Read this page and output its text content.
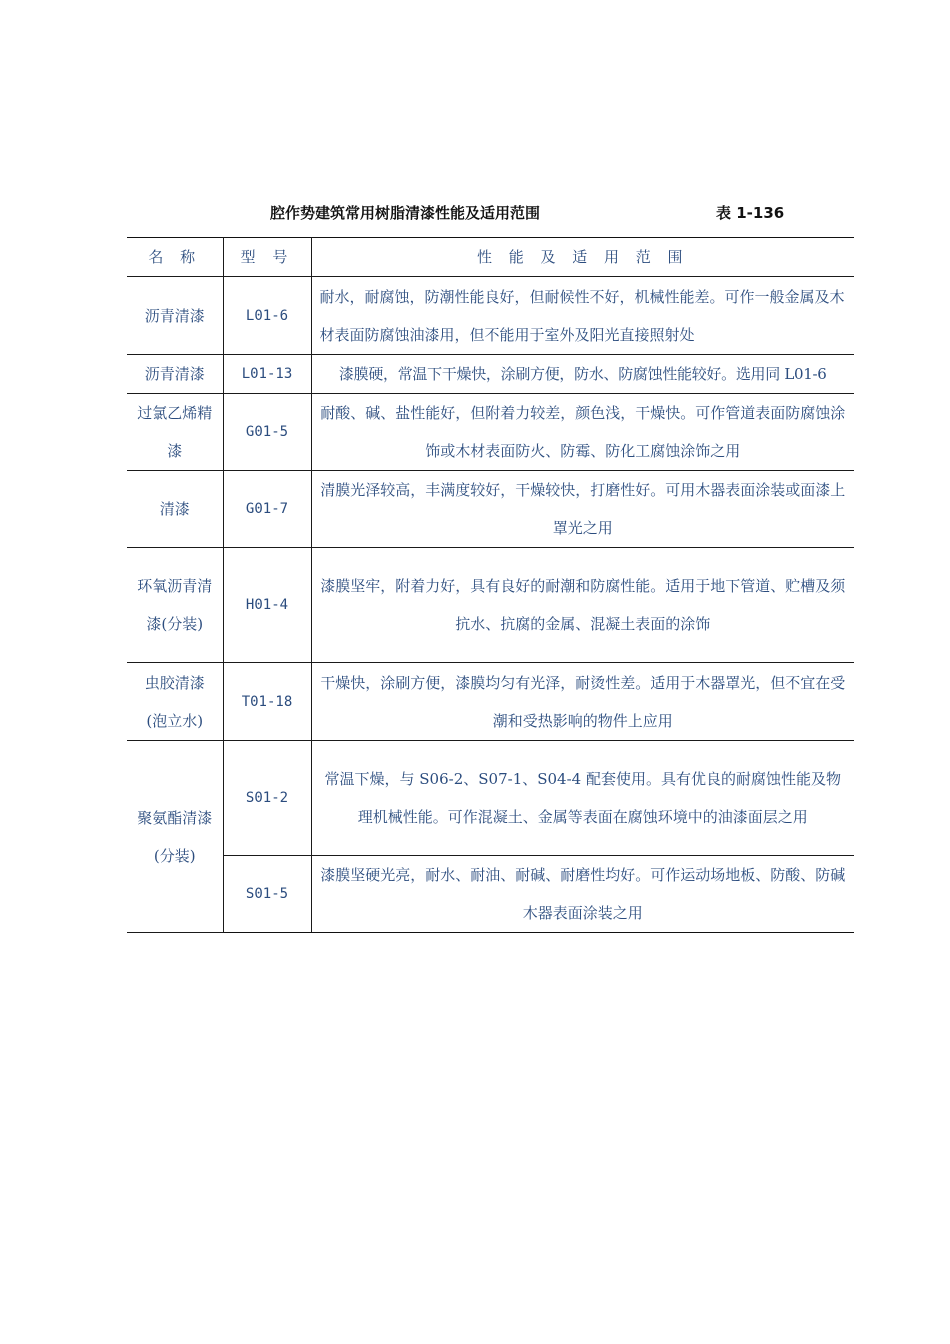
腔作势建筑常用树脂清漆性能及适用范围	表 1-136
名 称	型 号	性 能 及 适 用 范 围
沥青清漆	L01-6	耐水，耐腐蚀，防潮性能良好，但耐候性不好，机械性能差。可作一般金属及木材表面防腐蚀油漆用，但不能用于室外及阳光直接照射处
沥青清漆	L01-13	漆膜硬，常温下干燥快，涂刷方便，防水、防腐蚀性能较好。选用同 L01-6
过氯乙烯精漆	G01-5	耐酸、碱、盐性能好，但附着力较差，颜色浅，干燥快。可作管道表面防腐蚀涂饰或木材表面防火、防霉、防化工腐蚀涂饰之用
清漆	G01-7	清膜光泽较高，丰满度较好，干燥较快，打磨性好。可用木器表面涂装或面漆上罩光之用
环氧沥青清漆(分装)	H01-4	漆膜坚牢，附着力好，具有良好的耐潮和防腐性能。适用于地下管道、贮槽及须抗水、抗腐的金属、混凝土表面的涂饰
虫胶清漆(泡立水)	T01-18	干燥快，涂刷方便，漆膜均匀有光泽，耐烫性差。适用于木器罩光，但不宜在受潮和受热影响的物件上应用
聚氨酯清漆(分装)	S01-2	常温下燥，与 S06-2、S07-1、S04-4 配套使用。具有优良的耐腐蚀性能及物理机械性能。可作混凝土、金属等表面在腐蚀环境中的油漆面层之用
	S01-5	漆膜坚硬光亮，耐水、耐油、耐碱、耐磨性均好。可作运动场地板、防酸、防碱木器表面涂装之用
